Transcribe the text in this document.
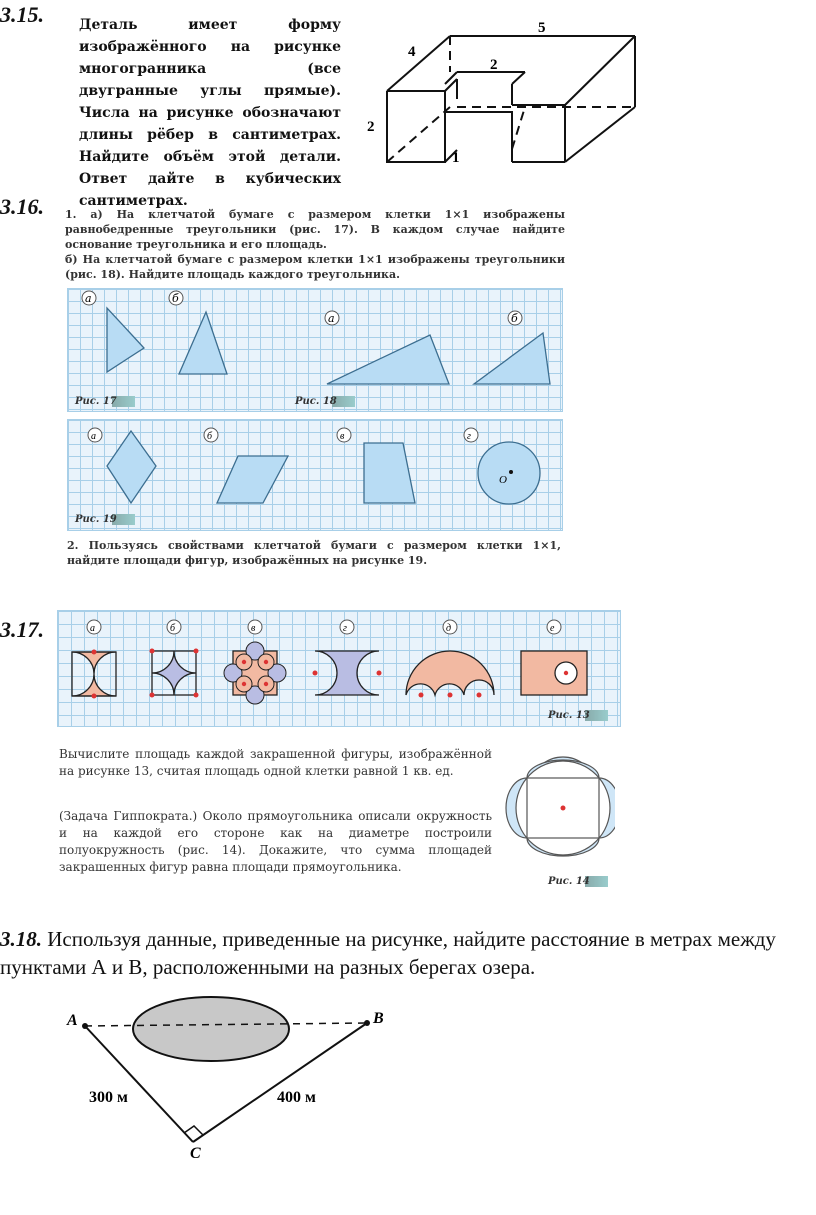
3.15.	Деталь имеет форму изображённого на рисунке многогранника (все двугранные углы прямые). Числа на рисунке обозначают длины рёбер в сантиметрах. Найдите объём этой детали. Ответ дайте в кубических сантиметрах.
5
4
2
2
1
3.16. 1. а) На клетчатой бумаге с размером клетки 1×1 изображены равнобедренные треугольники (рис. 17). В каждом случае найдите основание треугольника и его площадь.
б) На клетчатой бумаге с размером клетки 1×1 изображены треугольники (рис. 18). Найдите площадь каждого треугольника.
а	б
а	б
Рис. 17	Рис. 18
а	б	в	г
O
Рис. 19
2. Пользуясь свойствами клетчатой бумаги с размером клетки 1×1, найдите площади фигур, изображённых на рисунке 19.
3.17.	а	б	в	г	д	е
Рис. 13
Вычислите площадь каждой закрашенной фигуры, изображённой на рисунке 13, считая площадь одной клетки равной 1 кв. ед.
(Задача Гиппократа.) Около прямоугольника описали окружность и на каждой его стороне как на диаметре построили полуокружность (рис. 14). Докажите, что сумма площадей закрашенных фигур равна площади прямоугольника.
Рис. 14
3.18. Используя данные, приведенные на рисунке, найдите расстояние в метрах между пунктами А и В, расположенными на разных берегах озера.
A	B
C
300 м	400 м
